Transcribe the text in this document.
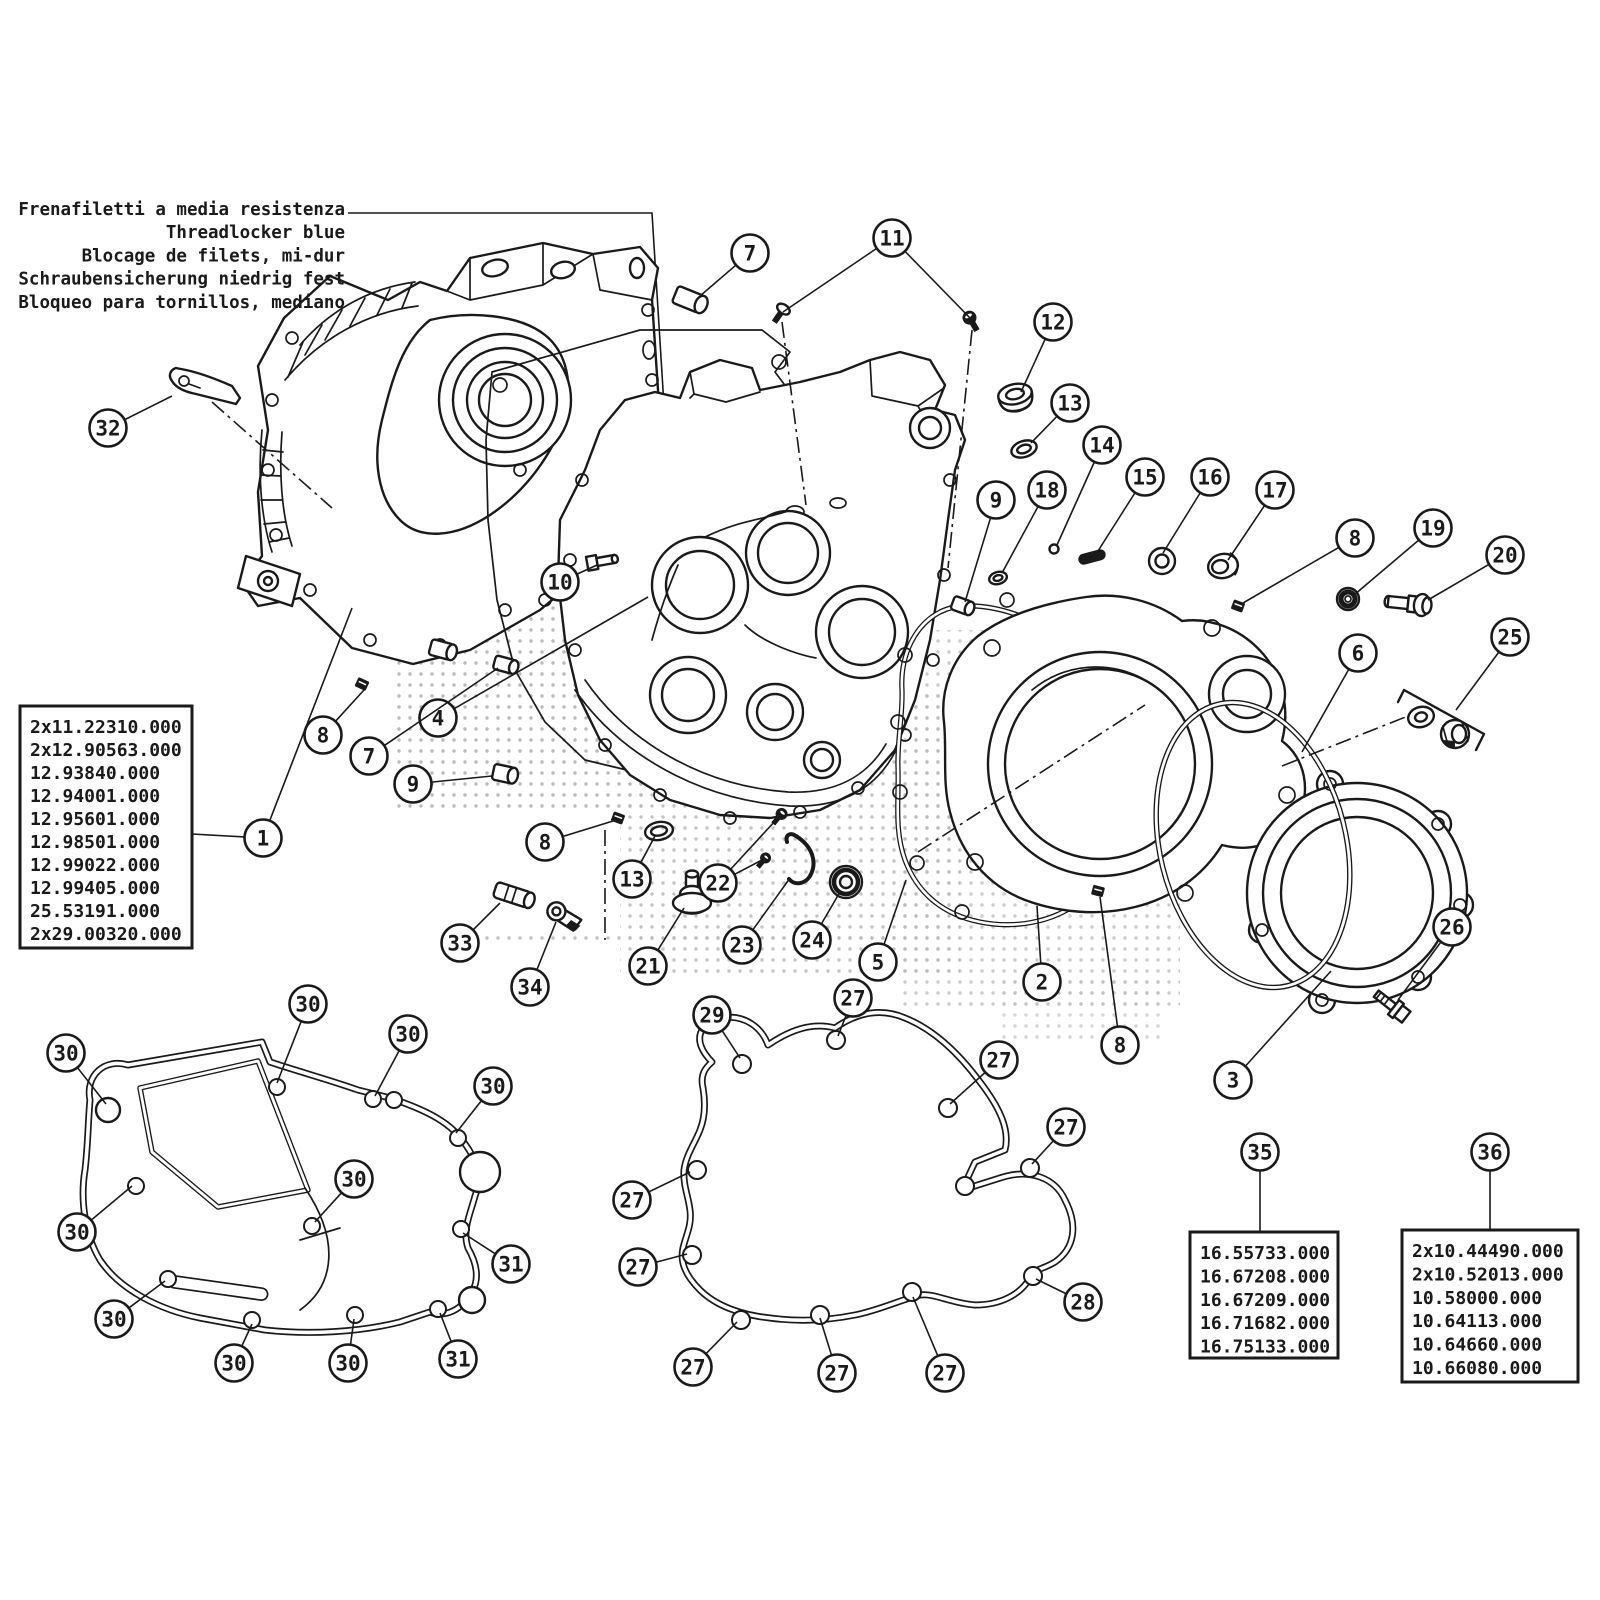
2x11.22310.000
2x12.90563.000
12.93840.000
12.94001.000
12.95601.000
12.98501.000
12.99022.000
12.99405.000
25.53191.000
2x29.00320.000
16.55733.000
16.67208.000
16.67209.000
16.71682.000
16.75133.000
2x10.44490.000
2x10.52013.000
10.58000.000
10.64113.000
10.64660.000
10.66080.000
1
2
3
4
5
6
7
7
8
8
8
8
9
9
10
11
12
13
13
14
15 16
17
18
19
20
21
22
23 24
25
26
27
27
27
27
27
27	27	27
28
29
30
30
30
30
30
30
30
30	30
31
31
32
33
34
35	36
Frenafiletti a media resistenza
Threadlocker blue
Blocage de filets, mi-dur
Schraubensicherung niedrig fest
Bloqueo para tornillos, mediano
